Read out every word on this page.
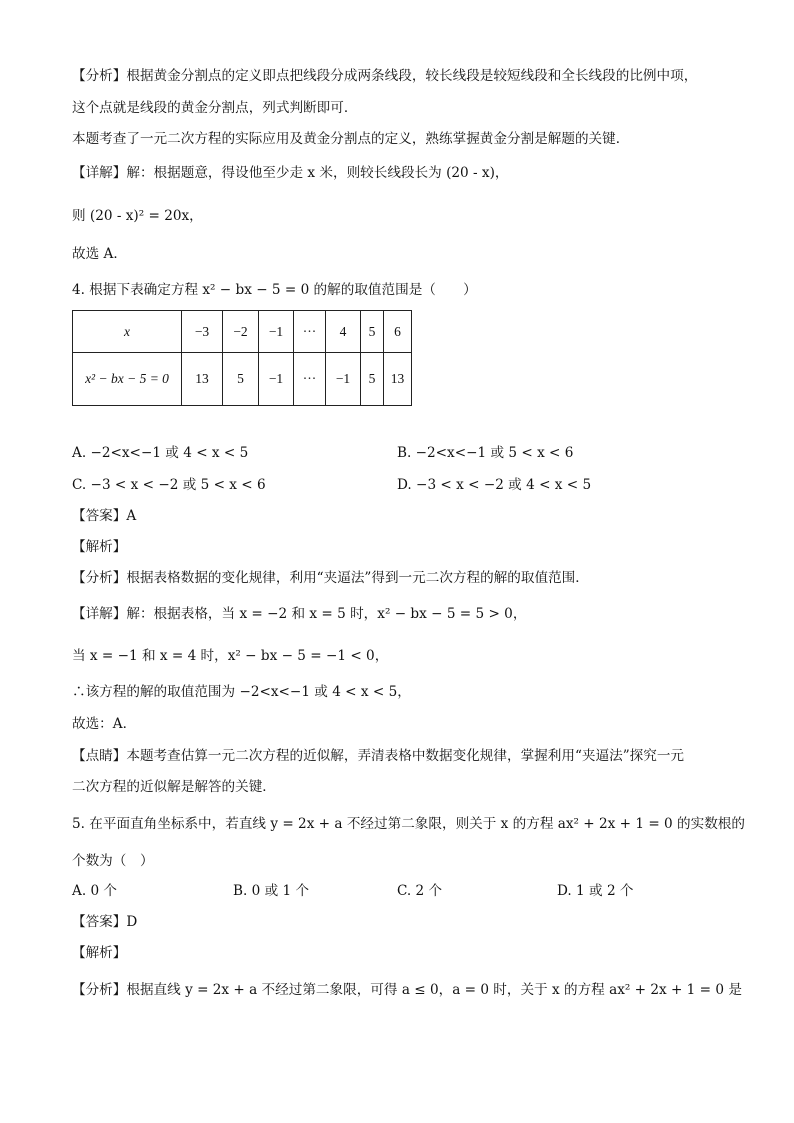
【分析】根据黄金分割点的定义即点把线段分成两条线段，较长线段是较短线段和全长线段的比例中项，
这个点就是线段的黄金分割点，列式判断即可．
本题考查了一元二次方程的实际应用及黄金分割点的定义，熟练掌握黄金分割是解题的关键．
【详解】解：根据题意，得设他至少走 x 米，则较长线段长为 (20 - x)，
则 (20 - x)² = 20x，
故选 A．
4. 根据下表确定方程 x² − bx − 5 = 0 的解的取值范围是（　　）
x	−3	−2	−1	···	4	5	6
x² − bx − 5 = 0	13	5	−1	···	−1	5	13
A. −2<x<−1 或 4 < x < 5	B. −2<x<−1 或 5 < x < 6
C. −3 < x < −2 或 5 < x < 6	D. −3 < x < −2 或 4 < x < 5
【答案】A
【解析】
【分析】根据表格数据的变化规律，利用“夹逼法”得到一元二次方程的解的取值范围．
【详解】解：根据表格，当 x = −2 和 x = 5 时，x² − bx − 5 = 5 > 0，
当 x = −1 和 x = 4 时，x² − bx − 5 = −1 < 0，
∴该方程的解的取值范围为 −2<x<−1 或 4 < x < 5，
故选：A．
【点睛】本题考查估算一元二次方程的近似解，弄清表格中数据变化规律，掌握利用“夹逼法”探究一元
二次方程的近似解是解答的关键．
5. 在平面直角坐标系中，若直线 y = 2x + a 不经过第二象限，则关于 x 的方程 ax² + 2x + 1 = 0 的实数根的
个数为（　）
A. 0 个	B. 0 或 1 个	C. 2 个	D. 1 或 2 个
【答案】D
【解析】
【分析】根据直线 y = 2x + a 不经过第二象限，可得 a ≤ 0，a = 0 时，关于 x 的方程 ax² + 2x + 1 = 0 是
